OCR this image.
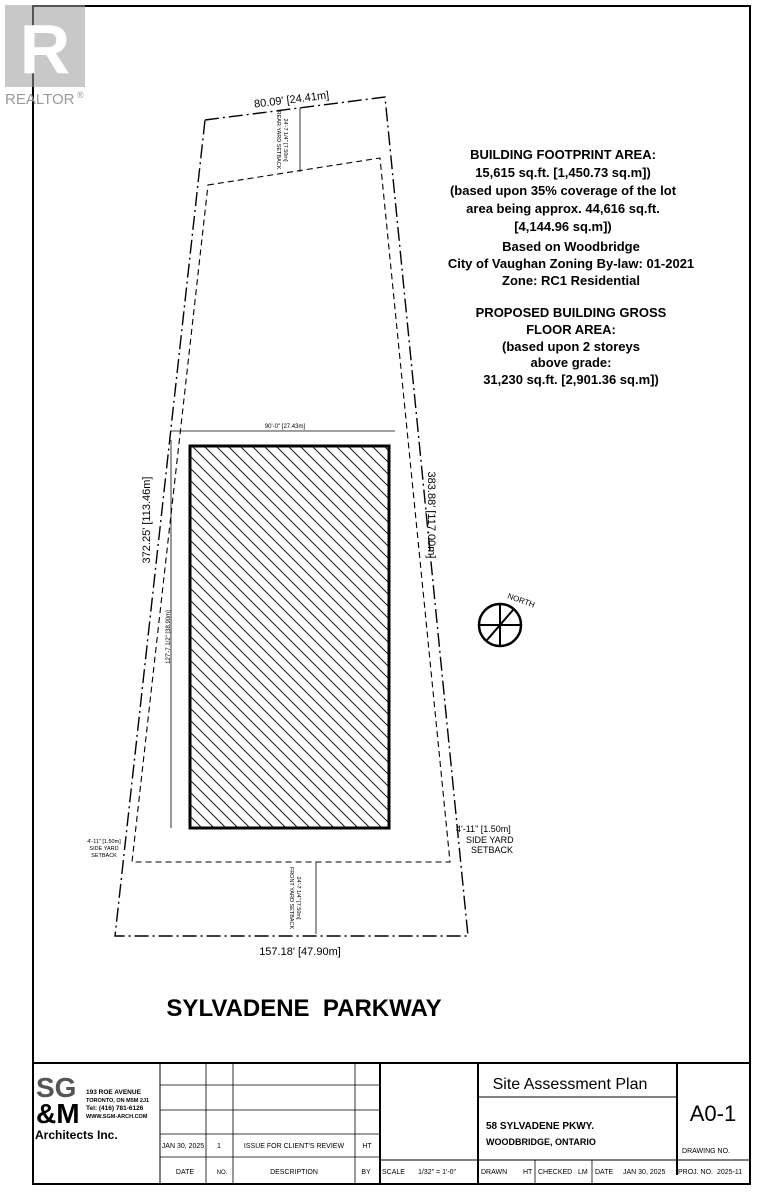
R
REALTOR ®
24'-7 1/4" [7.50m]
REAR YARD SETBACK
24'-7 1/4" [7.50m]
FRONT YARD SETBACK
80.09' [24.41m]
157.18' [47.90m]
372.25' [113.46m]	383.88' [117.00m]
90'-0" [27.43m]
127'-7 1/2" [38.90m]
4'-11" [1.50m]
SIDE YARD
SETBACK
4'-11" [1.50m]
SIDE YARD
SETBACK
NORTH
BUILDING FOOTPRINT AREA:
15,615 sq.ft. [1,450.73 sq.m])
(based upon 35% coverage of the lot
area being approx. 44,616 sq.ft.
[4,144.96 sq.m])
Based on Woodbridge
City of Vaughan Zoning By-law: 01-2021
Zone: RC1 Residential
PROPOSED BUILDING GROSS
FLOOR AREA:
(based upon 2 storeys
above grade:
31,230 sq.ft. [2,901.36 sq.m])
SYLVADENE  PARKWAY
SG
&M
193 ROE AVENUE
TORONTO, ON M5M 2J1
Tel: (416) 781-6126
WWW.SGM-ARCH.COM
Architects Inc.
JAN 30, 2025 1	ISSUE FOR CLIENT'S REVIEW	HT
DATE	NO.	DESCRIPTION	BY
Site Assessment Plan
58 SYLVADENE PKWY.
WOODBRIDGE, ONTARIO
A0-1
DRAWING NO.
SCALE 1/32" = 1'-0"	DRAWN HT CHECKED LM DATE JAN 30, 2025 PROJ. NO. 2025-11
